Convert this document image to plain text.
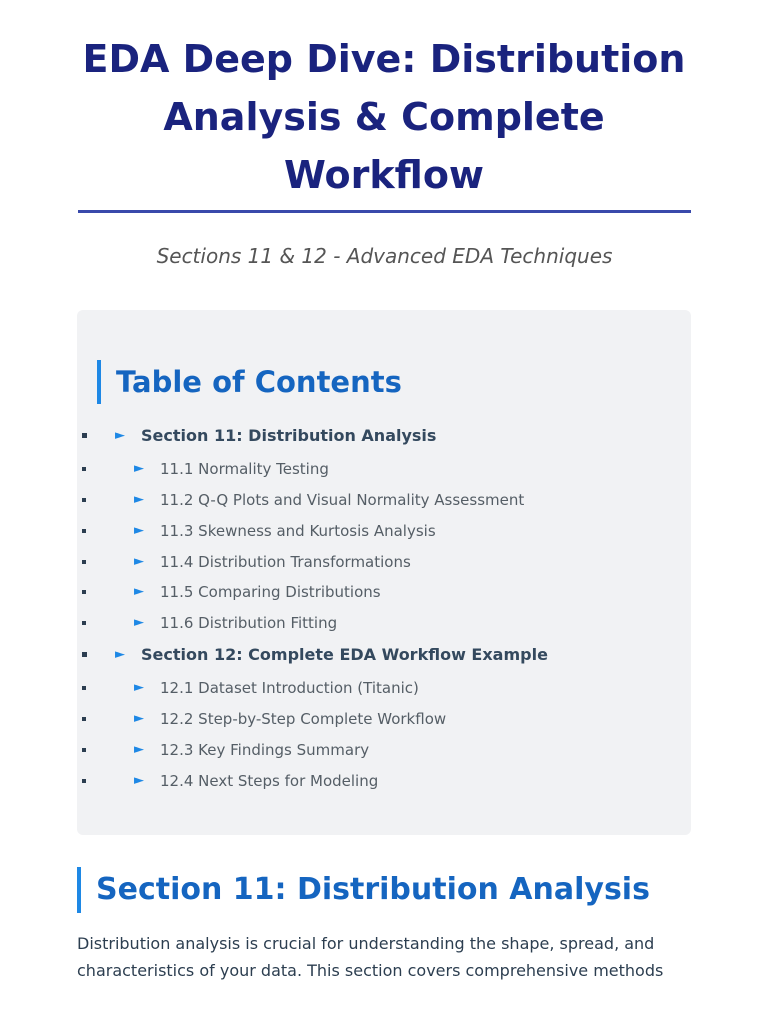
EDA Deep Dive: Distribution Analysis & Complete Workflow
Sections 11 & 12 - Advanced EDA Techniques
Table of Contents
► Section 11: Distribution Analysis
► 11.1 Normality Testing
► 11.2 Q-Q Plots and Visual Normality Assessment
► 11.3 Skewness and Kurtosis Analysis
► 11.4 Distribution Transformations
► 11.5 Comparing Distributions
► 11.6 Distribution Fitting
► Section 12: Complete EDA Workflow Example
► 12.1 Dataset Introduction (Titanic)
► 12.2 Step-by-Step Complete Workflow
► 12.3 Key Findings Summary
► 12.4 Next Steps for Modeling
Section 11: Distribution Analysis

Distribution analysis is crucial for understanding the shape, spread, and characteristics of your data. This section covers comprehensive methods
